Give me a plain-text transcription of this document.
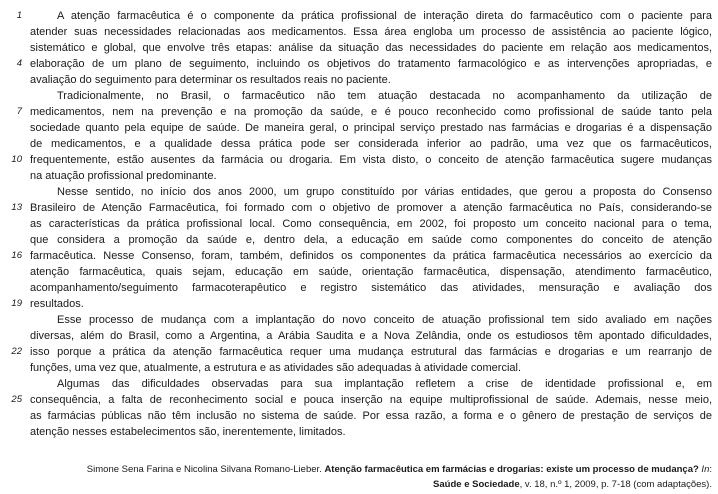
1	A atenção farmacêutica é o componente da prática profissional de interação direta do farmacêutico com o paciente para
atender suas necessidades relacionadas aos medicamentos. Essa área engloba um processo de assistência ao paciente lógico,
sistemático e global, que envolve três etapas: análise da situação das necessidades do paciente em relação aos medicamentos,
4 elaboração de um plano de seguimento, incluindo os objetivos do tratamento farmacológico e as intervenções apropriadas, e
avaliação do seguimento para determinar os resultados reais no paciente.
Tradicionalmente, no Brasil, o farmacêutico não tem atuação destacada no acompanhamento da utilização de
7 medicamentos, nem na prevenção e na promoção da saúde, e é pouco reconhecido como profissional de saúde tanto pela
sociedade quanto pela equipe de saúde. De maneira geral, o principal serviço prestado nas farmácias e drogarias é a dispensação
de medicamentos, e a qualidade dessa prática pode ser considerada inferior ao padrão, uma vez que os farmacêuticos,
10 frequentemente, estão ausentes da farmácia ou drogaria. Em vista disto, o conceito de atenção farmacêutica sugere mudanças
na atuação profissional predominante.
Nesse sentido, no início dos anos 2000, um grupo constituído por várias entidades, que gerou a proposta do Consenso
13 Brasileiro de Atenção Farmacêutica, foi formado com o objetivo de promover a atenção farmacêutica no País, considerando-se
as características da prática profissional local. Como consequência, em 2002, foi proposto um conceito nacional para o tema,
que considera a promoção da saúde e, dentro dela, a educação em saúde como componentes do conceito de atenção
16 farmacêutica. Nesse Consenso, foram, também, definidos os componentes da prática farmacêutica necessários ao exercício da
atenção farmacêutica, quais sejam, educação em saúde, orientação farmacêutica, dispensação, atendimento farmacêutico,
acompanhamento/seguimento farmacoterapêutico e registro sistemático das atividades, mensuração e avaliação dos
19 resultados.
Esse processo de mudança com a implantação do novo conceito de atuação profissional tem sido avaliado em nações
diversas, além do Brasil, como a Argentina, a Arábia Saudita e a Nova Zelândia, onde os estudiosos têm apontado dificuldades,
22 isso porque a prática da atenção farmacêutica requer uma mudança estrutural das farmácias e drogarias e um rearranjo de
funções, uma vez que, atualmente, a estrutura e as atividades são adequadas à atividade comercial.
Algumas das dificuldades observadas para sua implantação refletem a crise de identidade profissional e, em
25 consequência, a falta de reconhecimento social e pouca inserção na equipe multiprofissional de saúde. Ademais, nesse meio,
as farmácias públicas não têm inclusão no sistema de saúde. Por essa razão, a forma e o gênero de prestação de serviços de
atenção nesses estabelecimentos são, inerentemente, limitados.
Simone Sena Farina e Nicolina Silvana Romano-Lieber. Atenção farmacêutica em farmácias e drogarias: existe um processo de mudança? In:
Saúde e Sociedade, v. 18, n.º 1, 2009, p. 7-18 (com adaptações).
